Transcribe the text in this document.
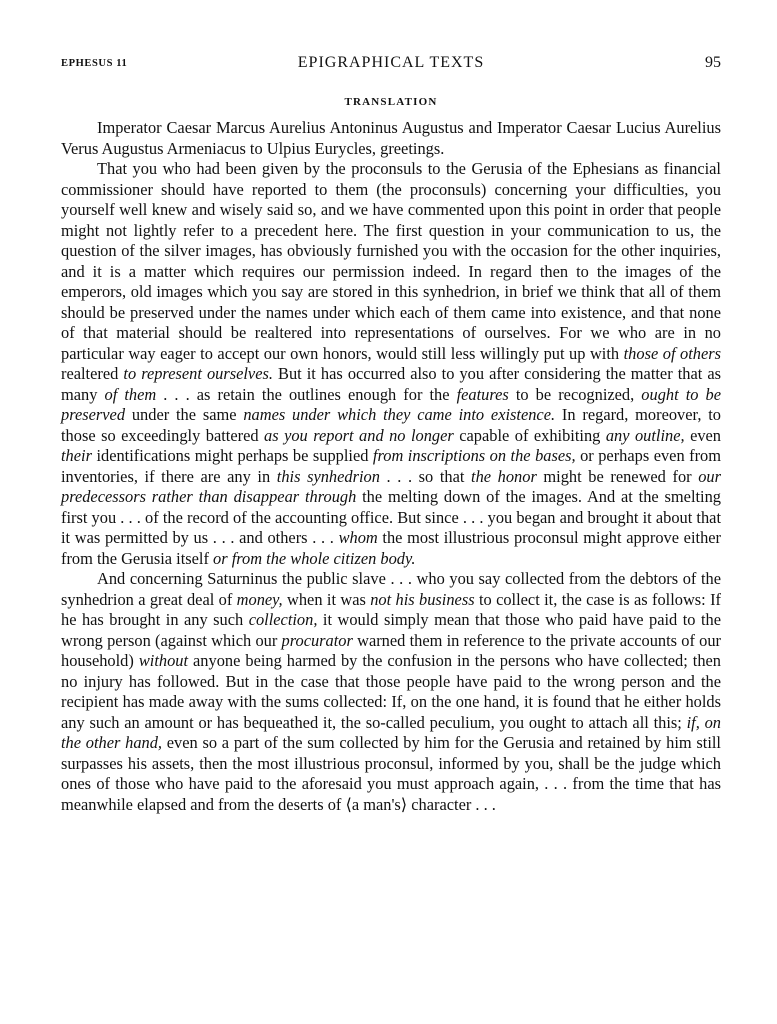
EPHESUS 11	EPIGRAPHICAL TEXTS	95
TRANSLATION

Imperator Caesar Marcus Aurelius Antoninus Augustus and Imperator Caesar Lucius Aurelius Verus Augustus Armeniacus to Ulpius Eurycles, greetings.

That you who had been given by the proconsuls to the Gerusia of the Ephesians as financial commissioner should have reported to them (the proconsuls) concerning your difficulties, you yourself well knew and wisely said so, and we have commented upon this point in order that people might not lightly refer to a precedent here. The first question in your communication to us, the question of the silver images, has obviously furnished you with the occasion for the other inquiries, and it is a matter which requires our permission indeed. In regard then to the images of the emperors, old images which you say are stored in this synhedrion, in brief we think that all of them should be preserved under the names under which each of them came into existence, and that none of that material should be realtered into representations of ourselves. For we who are in no particular way eager to accept our own honors, would still less willingly put up with those of others realtered to represent ourselves. But it has occurred also to you after considering the matter that as many of them . . . as retain the outlines enough for the features to be recognized, ought to be preserved under the same names under which they came into existence. In regard, moreover, to those so exceedingly battered as you report and no longer capable of exhibiting any outline, even their identifications might perhaps be supplied from inscriptions on the bases, or perhaps even from inventories, if there are any in this synhedrion . . . so that the honor might be renewed for our predecessors rather than disappear through the melting down of the images. And at the smelting first you . . . of the record of the accounting office. But since . . . you began and brought it about that it was permitted by us . . . and others . . . whom the most illustrious proconsul might approve either from the Gerusia itself or from the whole citizen body.

And concerning Saturninus the public slave . . . who you say collected from the debtors of the synhedrion a great deal of money, when it was not his business to collect it, the case is as follows: If he has brought in any such collection, it would simply mean that those who paid have paid to the wrong person (against which our procurator warned them in reference to the private accounts of our household) without anyone being harmed by the confusion in the persons who have collected; then no injury has followed. But in the case that those people have paid to the wrong person and the recipient has made away with the sums collected: If, on the one hand, it is found that he either holds any such an amount or has bequeathed it, the so-called peculium, you ought to attach all this; if, on the other hand, even so a part of the sum collected by him for the Gerusia and retained by him still surpasses his assets, then the most illustrious proconsul, informed by you, shall be the judge which ones of those who have paid to the aforesaid you must approach again, . . . from the time that has meanwhile elapsed and from the deserts of ⟨a man's⟩ character . . .
